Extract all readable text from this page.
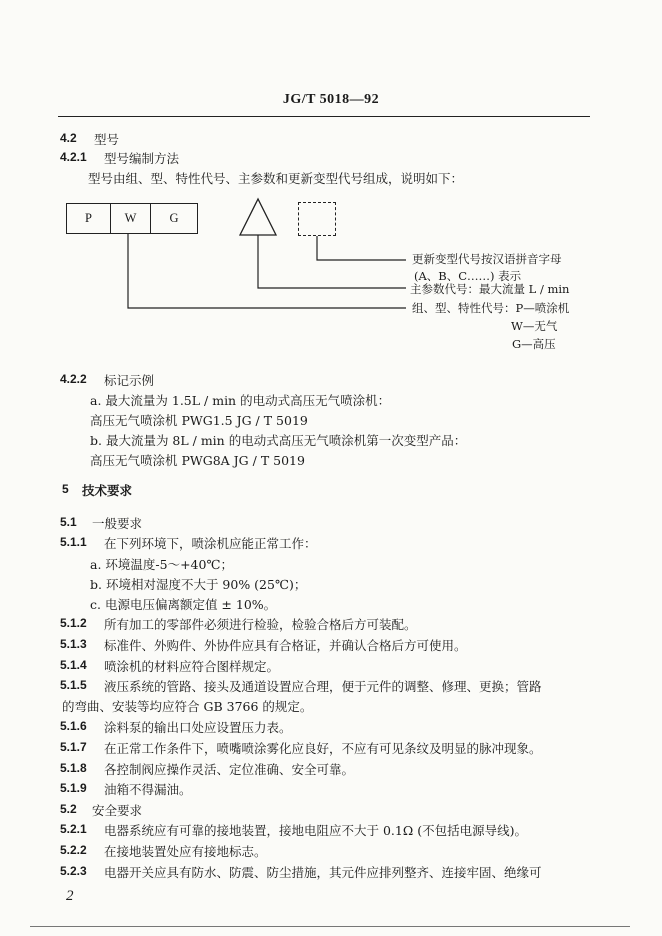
JG/T 5018—92
4.2 型号
4.2.1 型号编制方法
型号由组、型、特性代号、主参数和更新变型代号组成，说明如下：
P	W	G
更新变型代号按汉语拼音字母
(A、B、C……) 表示
主参数代号：最大流量 L / min
组、型、特性代号：P—喷涂机
W—无气
G—高压
4.2.2 标记示例
a. 最大流量为 1.5L / min 的电动式高压无气喷涂机：
高压无气喷涂机 PWG1.5 JG / T 5019
b. 最大流量为 8L / min 的电动式高压无气喷涂机第一次变型产品：
高压无气喷涂机 PWG8A JG / T 5019
5 技术要求
5.1 一般要求
5.1.1 在下列环境下，喷涂机应能正常工作：
a. 环境温度-5～+40℃；
b. 环境相对湿度不大于 90% (25℃)；
c. 电源电压偏离额定值 ± 10%。
5.1.2 所有加工的零部件必须进行检验，检验合格后方可装配。
5.1.3 标准件、外购件、外协件应具有合格证，并确认合格后方可使用。
5.1.4 喷涂机的材料应符合图样规定。
5.1.5 液压系统的管路、接头及通道设置应合理，便于元件的调整、修理、更换；管路
的弯曲、安装等均应符合 GB 3766 的规定。
5.1.6 涂料泵的输出口处应设置压力表。
5.1.7 在正常工作条件下，喷嘴喷涂雾化应良好，不应有可见条纹及明显的脉冲现象。
5.1.8 各控制阀应操作灵活、定位准确、安全可靠。
5.1.9 油箱不得漏油。
5.2 安全要求
5.2.1 电器系统应有可靠的接地装置，接地电阻应不大于 0.1Ω (不包括电源导线)。
5.2.2 在接地装置处应有接地标志。
5.2.3 电器开关应具有防水、防震、防尘措施，其元件应排列整齐、连接牢固、绝缘可
2
